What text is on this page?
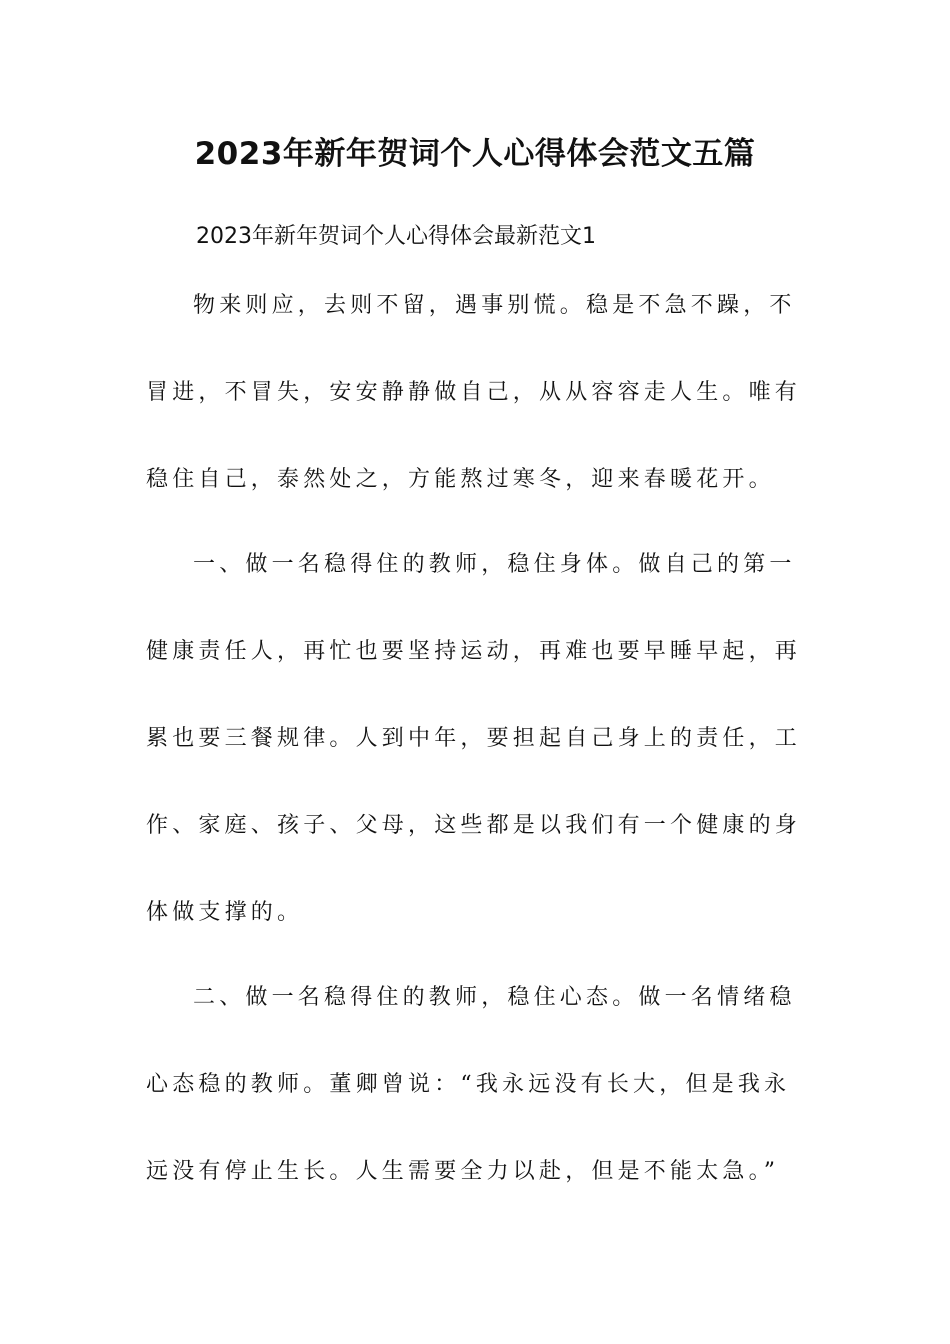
2023年新年贺词个人心得体会范文五篇

2023年新年贺词个人心得体会最新范文1

物来则应，去则不留，遇事别慌。稳是不急不躁，不
冒进，不冒失，安安静静做自己，从从容容走人生。唯有
稳住自己，泰然处之，方能熬过寒冬，迎来春暖花开。
一、做一名稳得住的教师，稳住身体。做自己的第一
健康责任人，再忙也要坚持运动，再难也要早睡早起，再
累也要三餐规律。人到中年，要担起自己身上的责任，工
作、家庭、孩子、父母，这些都是以我们有一个健康的身
体做支撑的。
二、做一名稳得住的教师，稳住心态。做一名情绪稳
心态稳的教师。董卿曾说：“我永远没有长大，但是我永
远没有停止生长。人生需要全力以赴，但是不能太急。”
